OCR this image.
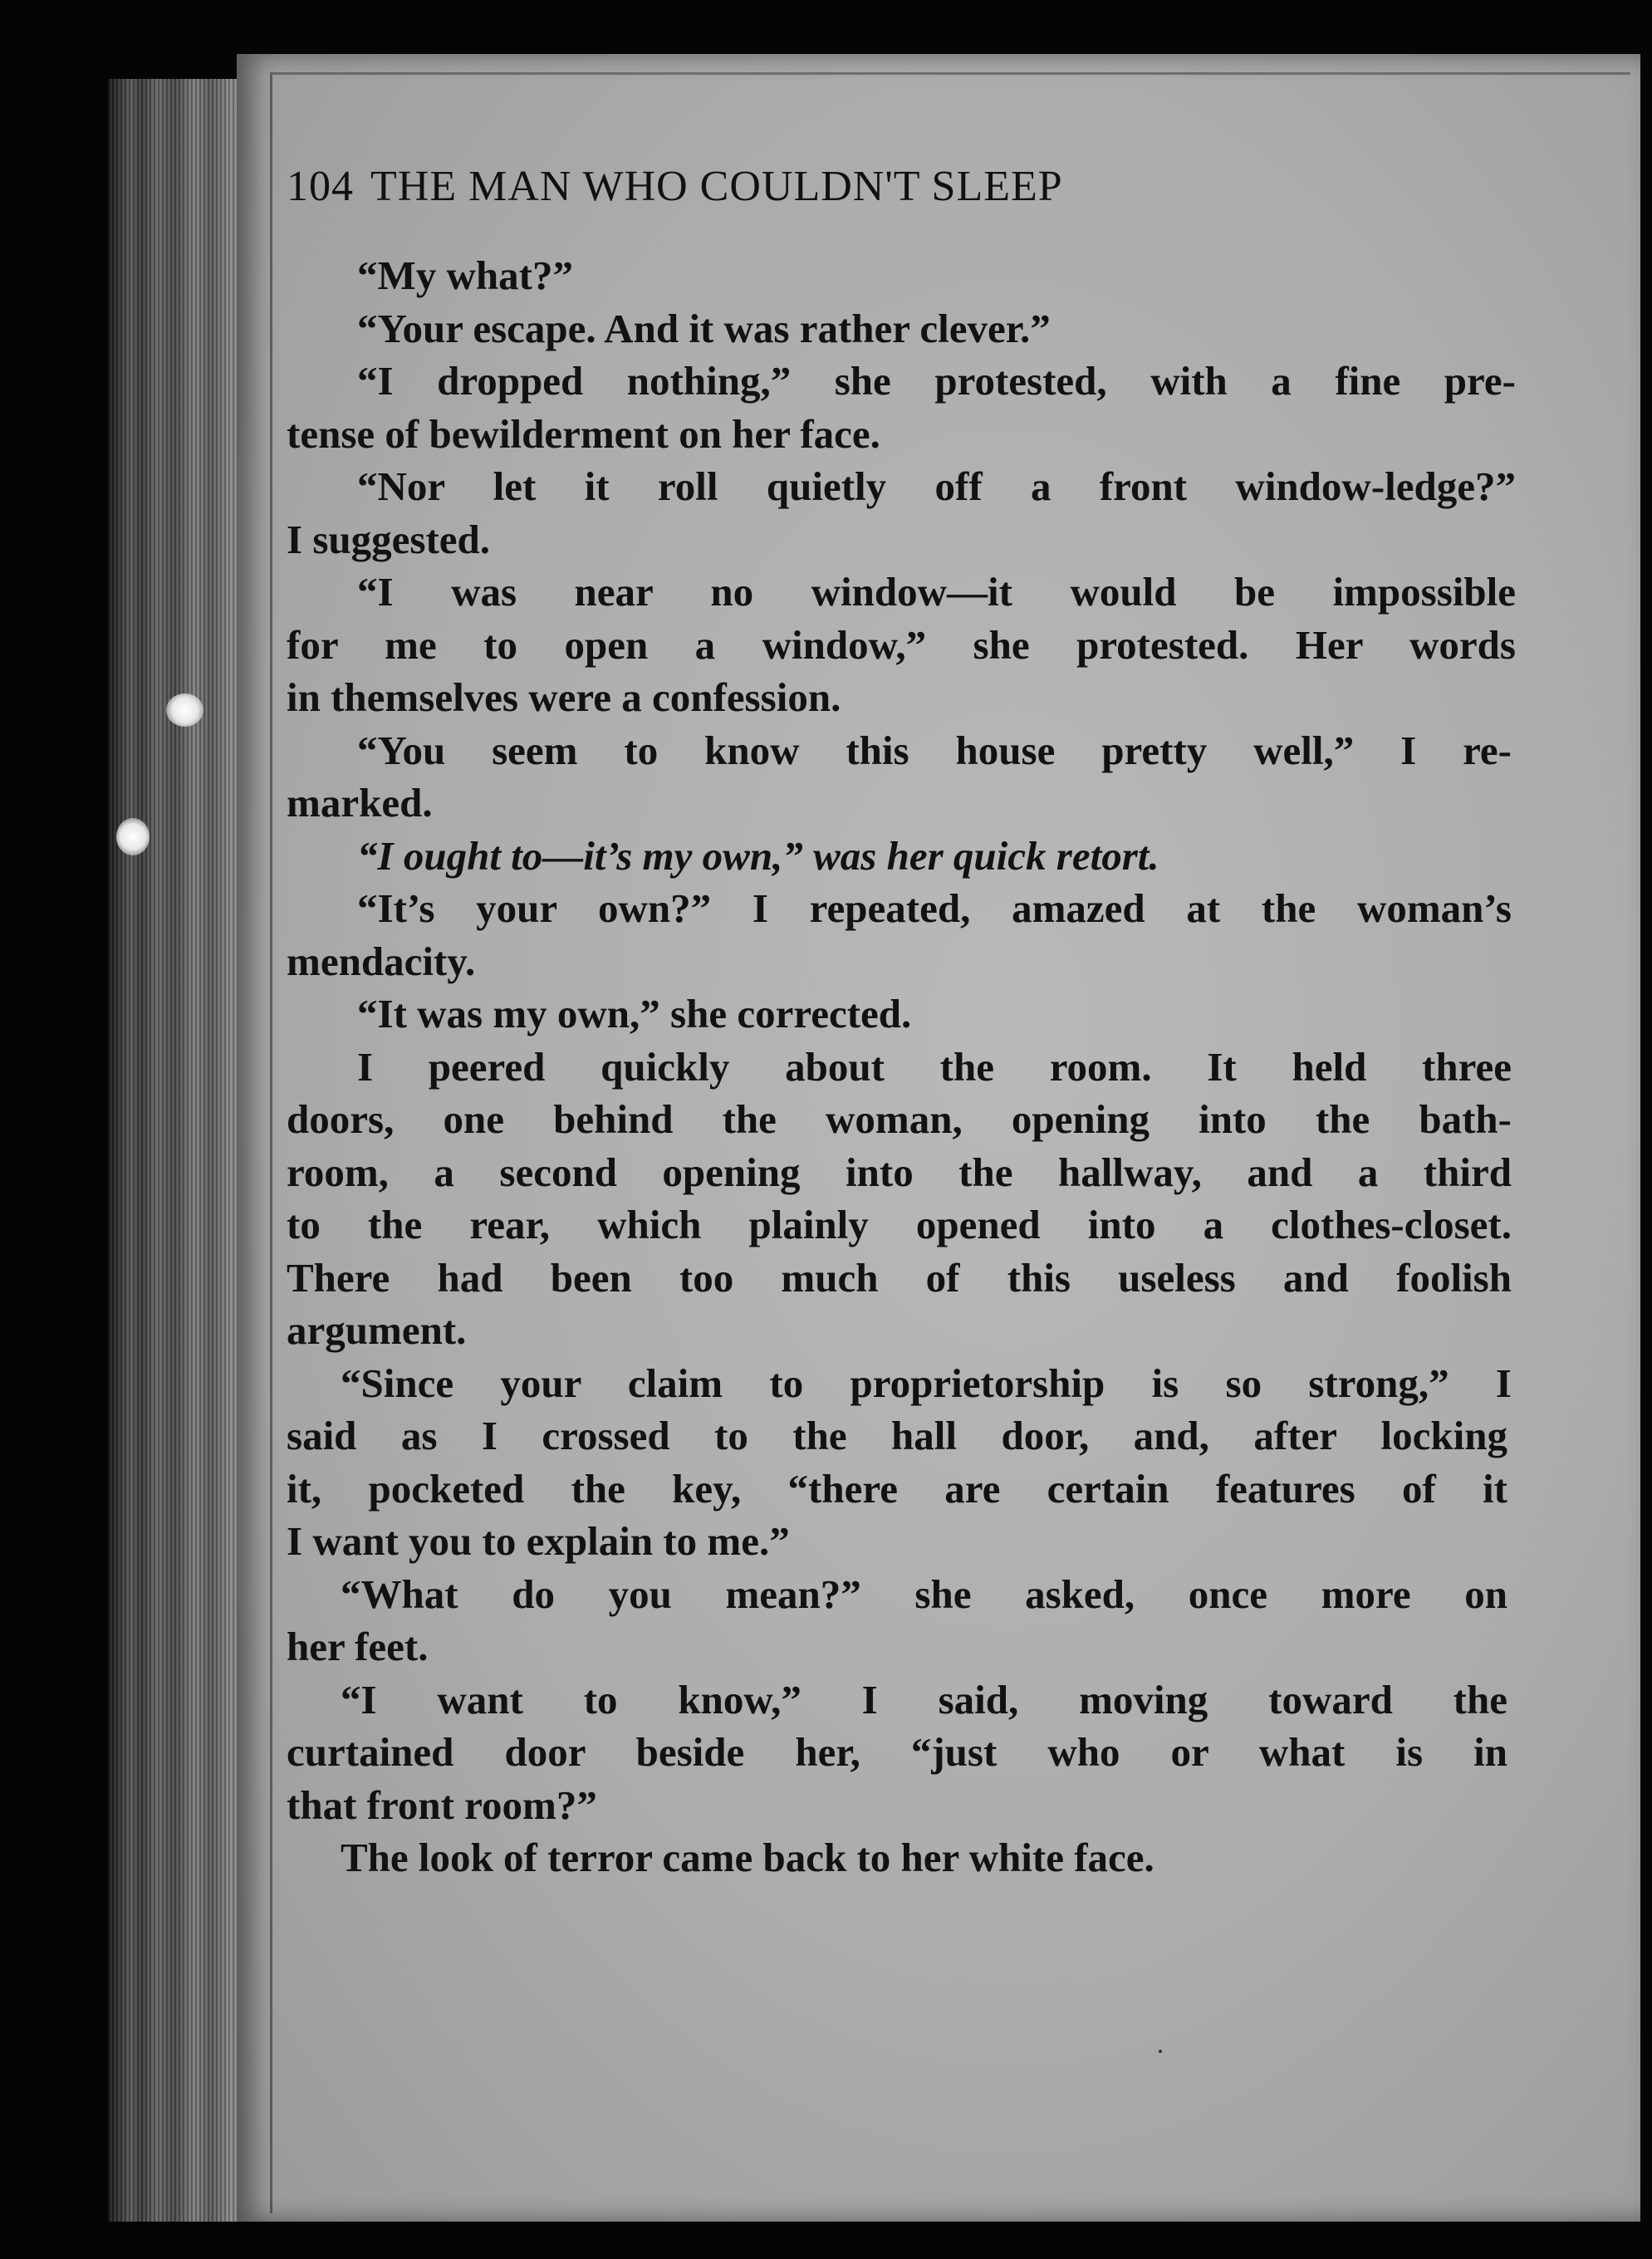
104 THE MAN WHO COULDN'T SLEEP
“My what?”
“Your escape. And it was rather clever.”
“I dropped nothing,” she protested, with a fine pre-
tense of bewilderment on her face.
“Nor let it roll quietly off a front window-ledge?”
I suggested.
“I was near no window—it would be impossible
for me to open a window,” she protested. Her words
in themselves were a confession.
“You seem to know this house pretty well,” I re-
marked.
“I ought to—it’s my own,” was her quick retort.
“It’s your own?” I repeated, amazed at the woman’s
mendacity.
“It was my own,” she corrected.
I peered quickly about the room. It held three
doors, one behind the woman, opening into the bath-
room, a second opening into the hallway, and a third
to the rear, which plainly opened into a clothes-closet.
There had been too much of this useless and foolish
argument.
“Since your claim to proprietorship is so strong,” I
said as I crossed to the hall door, and, after locking
it, pocketed the key, “there are certain features of it
I want you to explain to me.”
“What do you mean?” she asked, once more on
her feet.
“I want to know,” I said, moving toward the
curtained door beside her, “just who or what is in
that front room?”
The look of terror came back to her white face.
